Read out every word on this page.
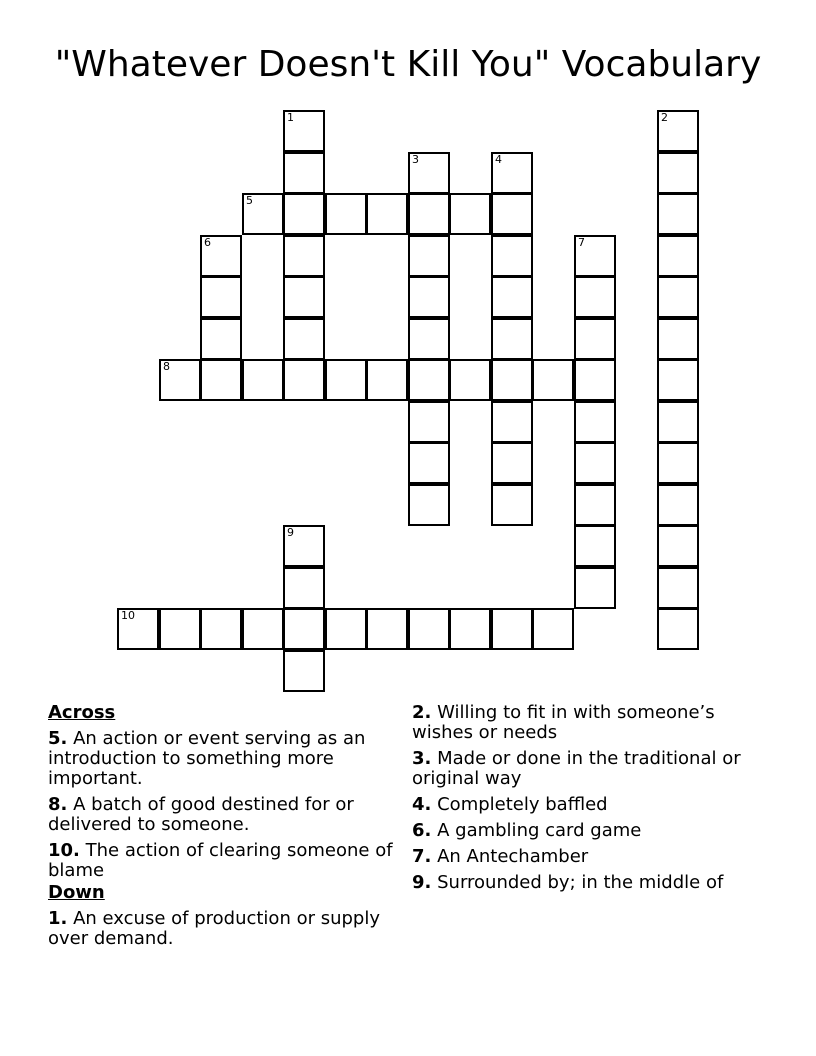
"Whatever Doesn't Kill You" Vocabulary
1	2
3	4
5
6	7
8
9
10
Across
5. An action or event serving as an introduction to something more important.
8. A batch of good destined for or delivered to someone.
10. The action of clearing someone of blame
Down
1. An excuse of production or supply over demand.
2. Willing to fit in with someone’s wishes or needs
3. Made or done in the traditional or original way
4. Completely baffled
6. A gambling card game
7. An Antechamber
9. Surrounded by; in the middle of
